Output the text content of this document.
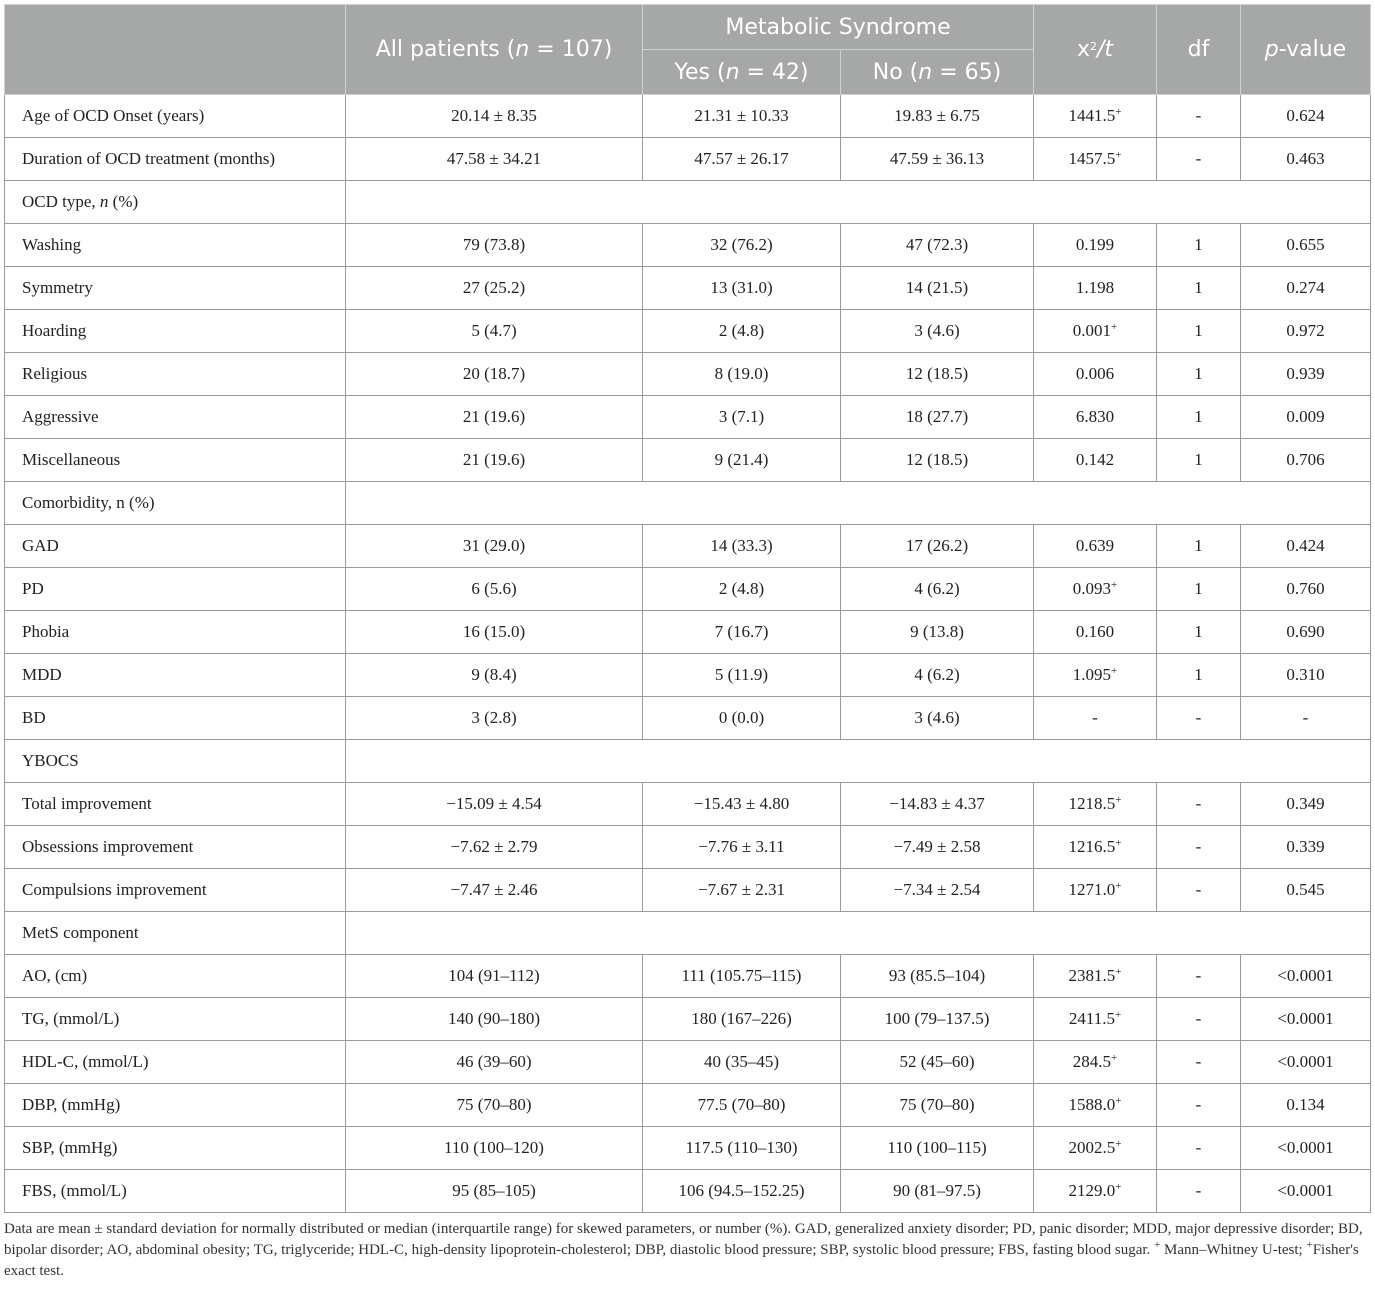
	All patients (n = 107)	Metabolic Syndrome		$x^2/t$	df	p-value
		Yes (n = 42)	No (n = 65)			
Age of OCD Onset (years)	20.14 ± 8.35	21.31 ± 10.33	19.83 ± 6.75	1441.5+	-	0.624
Duration of OCD treatment (months)	47.58 ± 34.21	47.57 ± 26.17	47.59 ± 36.13	1457.5+	-	0.463
OCD type, n (%)						
Washing	79 (73.8)	32 (76.2)	47 (72.3)	0.199	1	0.655
Symmetry	27 (25.2)	13 (31.0)	14 (21.5)	1.198	1	0.274
Hoarding	5 (4.7)	2 (4.8)	3 (4.6)	0.001+	1	0.972
Religious	20 (18.7)	8 (19.0)	12 (18.5)	0.006	1	0.939
Aggressive	21 (19.6)	3 (7.1)	18 (27.7)	6.830	1	0.009
Miscellaneous	21 (19.6)	9 (21.4)	12 (18.5)	0.142	1	0.706
Comorbidity, n (%)						
GAD	31 (29.0)	14 (33.3)	17 (26.2)	0.639	1	0.424
PD	6 (5.6)	2 (4.8)	4 (6.2)	0.093+	1	0.760
Phobia	16 (15.0)	7 (16.7)	9 (13.8)	0.160	1	0.690
MDD	9 (8.4)	5 (11.9)	4 (6.2)	1.095+	1	0.310
BD	3 (2.8)	0 (0.0)	3 (4.6)	-	-	-
YBOCS						
Total improvement	−15.09 ± 4.54	−15.43 ± 4.80	−14.83 ± 4.37	1218.5+	-	0.349
Obsessions improvement	−7.62 ± 2.79	−7.76 ± 3.11	−7.49 ± 2.58	1216.5+	-	0.339
Compulsions improvement	−7.47 ± 2.46	−7.67 ± 2.31	−7.34 ± 2.54	1271.0+	-	0.545
MetS component						
AO, (cm)	104 (91–112)	111 (105.75–115)	93 (85.5–104)	2381.5+	-	<0.0001
TG, (mmol/L)	140 (90–180)	180 (167–226)	100 (79–137.5)	2411.5+	-	<0.0001
HDL-C, (mmol/L)	46 (39–60)	40 (35–45)	52 (45–60)	284.5+	-	<0.0001
DBP, (mmHg)	75 (70–80)	77.5 (70–80)	75 (70–80)	1588.0+	-	0.134
SBP, (mmHg)	110 (100–120)	117.5 (110–130)	110 (100–115)	2002.5+	-	<0.0001
FBS, (mmol/L)	95 (85–105)	106 (94.5–152.25)	90 (81–97.5)	2129.0+	-	<0.0001
Data are mean ± standard deviation for normally distributed or median (interquartile range) for skewed parameters, or number (%). GAD, generalized anxiety disorder; PD, panic disorder; MDD, major depressive disorder; BD, bipolar disorder; AO, abdominal obesity; TG, triglyceride; HDL-C, high-density lipoprotein-cholesterol; DBP, diastolic blood pressure; SBP, systolic blood pressure; FBS, fasting blood sugar. + Mann–Whitney U-test; +Fisher's exact test.
